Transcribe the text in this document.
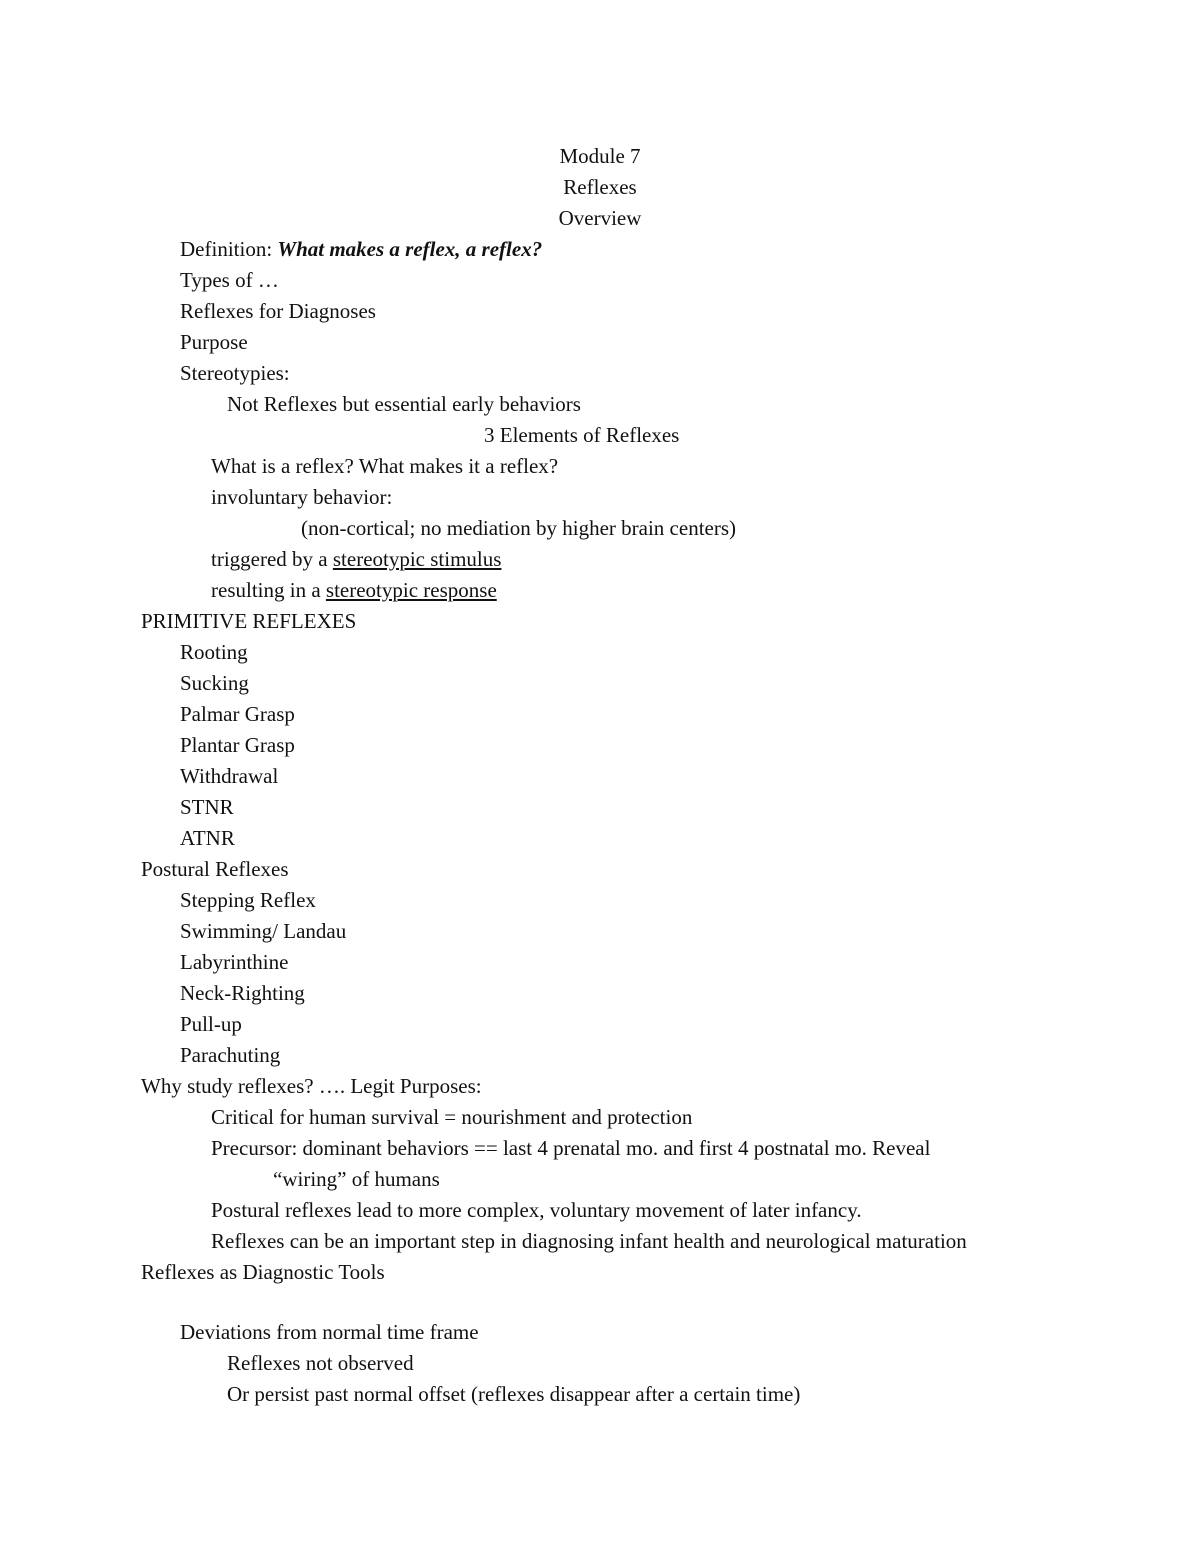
Module 7
Reflexes
Overview
Definition: What makes a reflex, a reflex?
Types of …
Reflexes for Diagnoses
Purpose
Stereotypies:
Not Reflexes but essential early behaviors
3 Elements of Reflexes
What is a reflex? What makes it a reflex?
involuntary behavior:
(non-cortical; no mediation by higher brain centers)
triggered by a stereotypic stimulus
resulting in a stereotypic response
PRIMITIVE REFLEXES
Rooting
Sucking
Palmar Grasp
Plantar Grasp
Withdrawal
STNR
ATNR
Postural Reflexes
Stepping Reflex
Swimming/ Landau
Labyrinthine
Neck-Righting
Pull-up
Parachuting
Why study reflexes? …. Legit Purposes:
Critical for human survival = nourishment and protection
Precursor: dominant behaviors == last 4 prenatal mo. and first 4 postnatal mo. Reveal
“wiring” of humans
Postural reflexes lead to more complex, voluntary movement of later infancy.
Reflexes can be an important step in diagnosing infant health and neurological maturation
Reflexes as Diagnostic Tools
Deviations from normal time frame
Reflexes not observed
Or persist past normal offset (reflexes disappear after a certain time)
